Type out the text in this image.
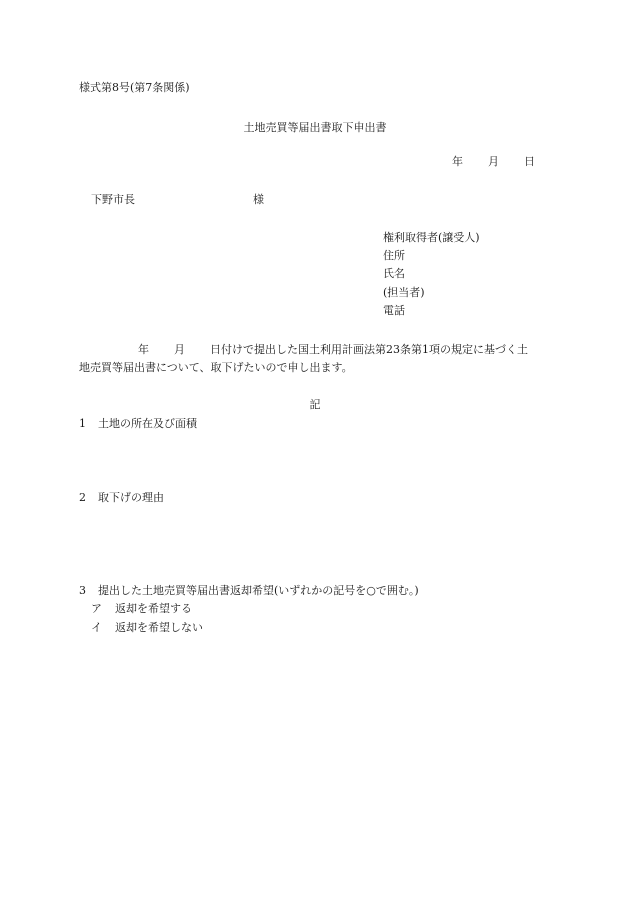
様式第8号(第7条関係)
土地売買等届出書取下申出書
年 月 日
下野市長	様
権利取得者(譲受人)
住所
氏名
(担当者)
電話
年 月 日付けで提出した国土利用計画法第23条第1項の規定に基づく土
地売買等届出書について、取下げたいので申し出ます。
記
1 土地の所在及び面積
2 取下げの理由
3 提出した土地売買等届出書返却希望(いずれかの記号を○で囲む。)
ア 返却を希望する
イ 返却を希望しない
